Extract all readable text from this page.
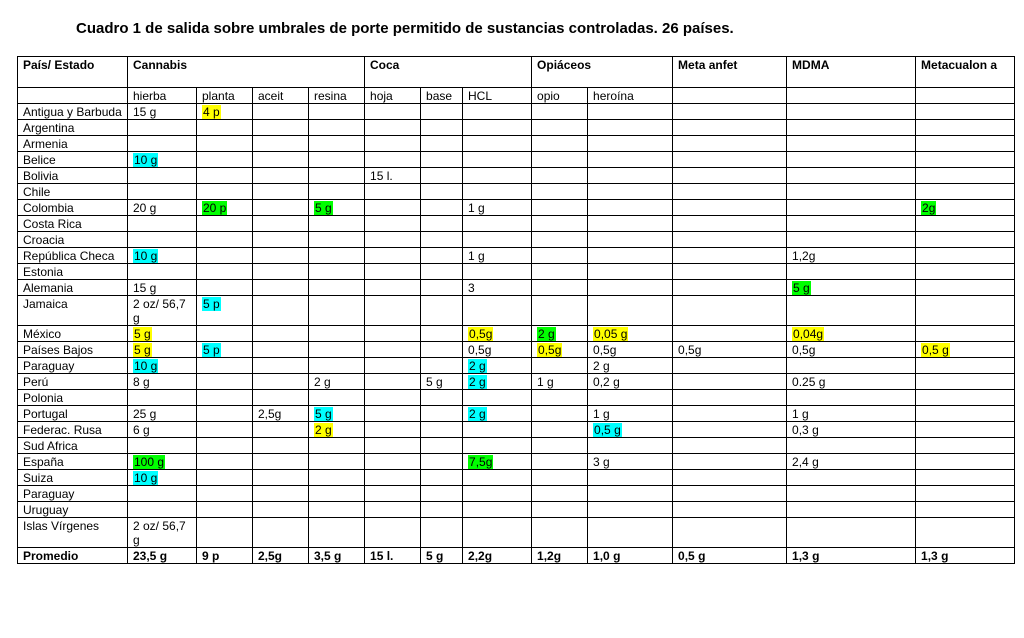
Cuadro 1 de salida sobre umbrales de porte permitido de sustancias controladas. 26 países.
País/ Estado	Cannabis				Coca			Opiáceos		Meta anfet	MDMA	Metacualon a
	hierba	planta	aceit	resina	hoja	base	HCL	opio	heroína			
Antigua y Barbuda	15 g	4 p										
Argentina												
Armenia												
Belice	10 g											
Bolivia					15 l.							
Chile												
Colombia	20 g	20 p		5 g			1 g					2g
Costa Rica												
Croacia												
República Checa	10 g						1 g				1,2g	
Estonia												
Alemania	15 g						3				5 g	
Jamaica	2 oz/ 56,7 g	5 p										
México	5 g						0,5g	2 g	0,05 g		0,04g	
Países Bajos	5 g	5 p					0,5g	0,5g	0,5g	0,5g	0,5g	0,5 g
Paraguay	10 g						2 g		2 g			
Perú	8 g			2 g		5 g	2 g	1 g	0,2 g		0.25 g	
Polonia												
Portugal	25 g		2,5g	5 g			2 g		1 g		1 g	
Federac. Rusa	6 g			2 g					0,5 g		0,3 g	
Sud Africa												
España	100 g						7,5g		3 g		2,4 g	
Suiza	10 g											
Paraguay												
Uruguay												
Islas Vírgenes	2 oz/ 56,7 g											
Promedio	23,5 g	9 p	2,5g	3,5 g	15 l.	5 g	2,2g	1,2g	1,0 g	0,5 g	1,3 g	1,3 g
